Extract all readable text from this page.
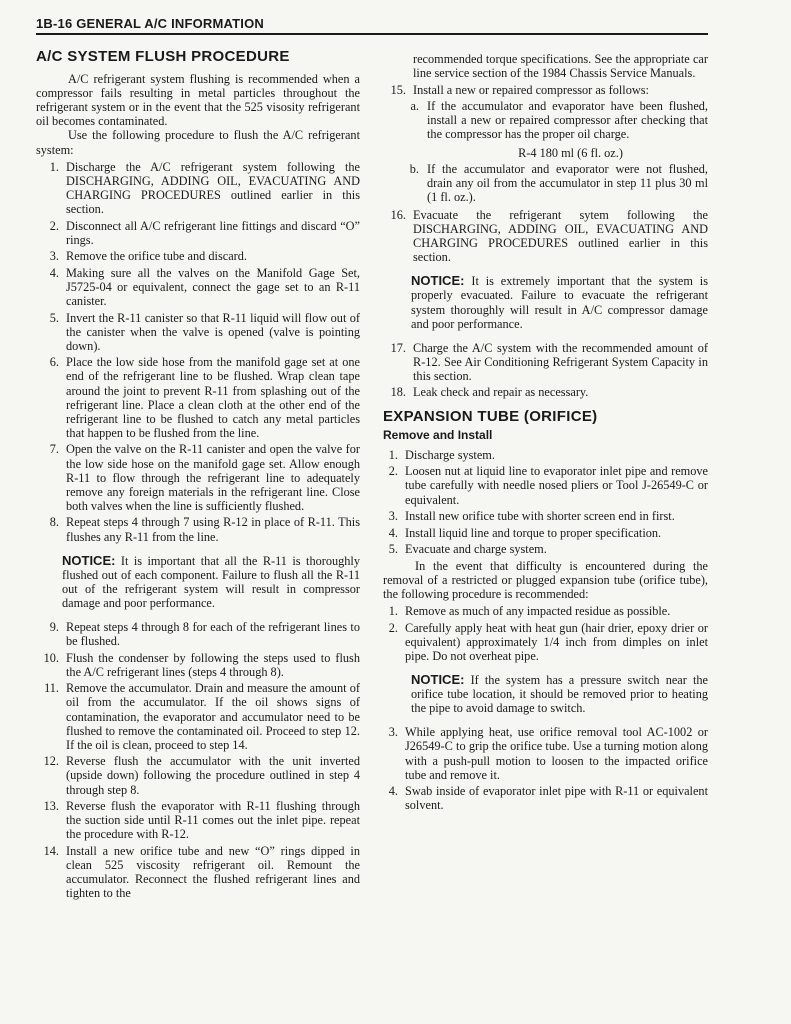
1B-16 GENERAL A/C INFORMATION
A/C SYSTEM FLUSH PROCEDURE

A/C refrigerant system flushing is recommended when a compressor fails resulting in metal particles throughout the refrigerant system or in the event that the 525 visosity refrigerant oil becomes contaminated.

Use the following procedure to flush the A/C refrigerant system:

1. Discharge the A/C refrigerant system following the DISCHARGING, ADDING OIL, EVACUATING AND CHARGING PROCEDURES outlined earlier in this section.
2. Disconnect all A/C refrigerant line fittings and discard “O” rings.
3. Remove the orifice tube and discard.
4. Making sure all the valves on the Manifold Gage Set, J5725-04 or equivalent, connect the gage set to an R-11 canister.
5. Invert the R-11 canister so that R-11 liquid will flow out of the canister when the valve is opened (valve is pointing down).
6. Place the low side hose from the manifold gage set at one end of the refrigerant line to be flushed. Wrap clean tape around the joint to prevent R-11 from splashing out of the refrigerant line. Place a clean cloth at the other end of the refrigerant line to be flushed to catch any metal particles that happen to be flushed from the line.
7. Open the valve on the R-11 canister and open the valve for the low side hose on the manifold gage set. Allow enough R-11 to flow through the refrigerant line to adequately remove any foreign materials in the refrigerant line. Close both valves when the line is sufficiently flushed.
8. Repeat steps 4 through 7 using R-12 in place of R-11. This flushes any R-11 from the line.
NOTICE: It is important that all the R-11 is thoroughly flushed out of each component. Failure to flush all the R-11 out of the refrigerant system will result in compressor damage and poor performance.
9. Repeat steps 4 through 8 for each of the refrigerant lines to be flushed.
10. Flush the condenser by following the steps used to flush the A/C refrigerant lines (steps 4 through 8).
11. Remove the accumulator. Drain and measure the amount of oil from the accumulator. If the oil shows signs of contamination, the evaporator and accumulator need to be flushed to remove the contaminated oil. Proceed to step 12. If the oil is clean, proceed to step 14.
12. Reverse flush the accumulator with the unit inverted (upside down) following the procedure outlined in step 4 through step 8.
13. Reverse flush the evaporator with R-11 flushing through the suction side until R-11 comes out the inlet pipe. repeat the procedure with R-12.
14. Install a new orifice tube and new “O” rings dipped in clean 525 viscosity refrigerant oil. Remount the accumulator. Reconnect the flushed refrigerant lines and tighten to the
recommended torque specifications. See the appropriate car line service section of the 1984 Chassis Service Manuals.
15. Install a new or repaired compressor as follows:
a. If the accumulator and evaporator have been flushed, install a new or repaired compressor after checking that the compressor has the proper oil charge.
R-4 180 ml (6 fl. oz.)
b. If the accumulator and evaporator were not flushed, drain any oil from the accumulator in step 11 plus 30 ml (1 fl. oz.).
16. Evacuate the refrigerant sytem following the DISCHARGING, ADDING OIL, EVACUATING AND CHARGING PROCEDURES outlined earlier in this section.
NOTICE: It is extremely important that the system is properly evacuated. Failure to evacuate the refrigerant system thoroughly will result in A/C compressor damage and poor performance.
17. Charge the A/C system with the recommended amount of R-12. See Air Conditioning Refrigerant System Capacity in this section.
18. Leak check and repair as necessary.
EXPANSION TUBE (ORIFICE)
Remove and Install
1. Discharge system.
2. Loosen nut at liquid line to evaporator inlet pipe and remove tube carefully with needle nosed pliers or Tool J-26549-C or equivalent.
3. Install new orifice tube with shorter screen end in first.
4. Install liquid line and torque to proper specification.
5. Evacuate and charge system.

In the event that difficulty is encountered during the removal of a restricted or plugged expansion tube (orifice tube), the following procedure is recommended:

1. Remove as much of any impacted residue as possible.
2. Carefully apply heat with heat gun (hair drier, epoxy drier or equivalent) approximately 1/4 inch from dimples on inlet pipe. Do not overheat pipe.
NOTICE: If the system has a pressure switch near the orifice tube location, it should be removed prior to heating the pipe to avoid damage to switch.
3. While applying heat, use orifice removal tool AC-1002 or J26549-C to grip the orifice tube. Use a turning motion along with a push-pull motion to loosen to the impacted orifice tube and remove it.
4. Swab inside of evaporator inlet pipe with R-11 or equivalent solvent.
